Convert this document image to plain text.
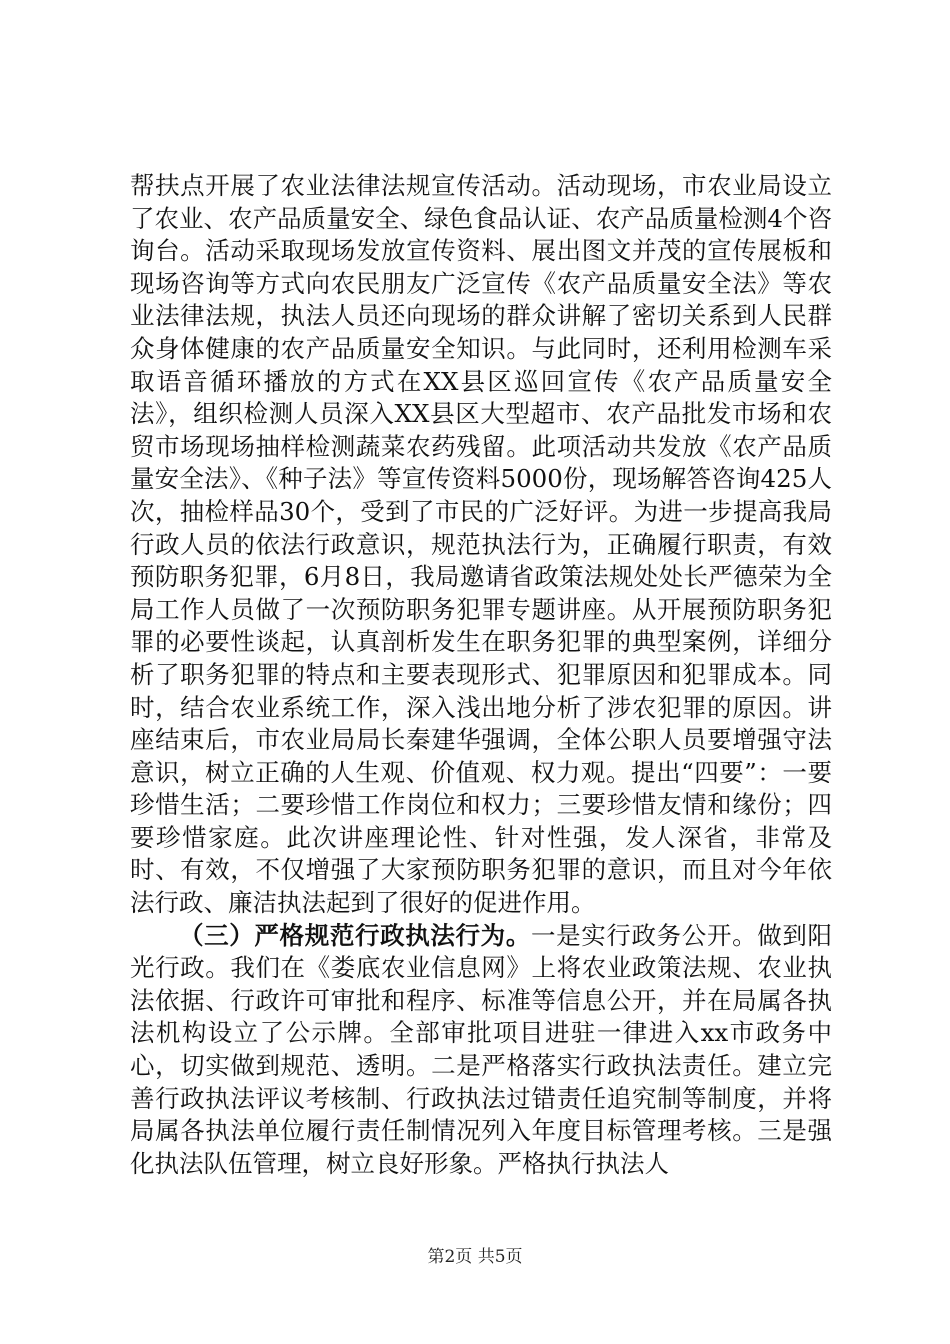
帮扶点开展了农业法律法规宣传活动。活动现场，市农业局设立了农业、农产品质量安全、绿色食品认证、农产品质量检测4个咨询台。活动采取现场发放宣传资料、展出图文并茂的宣传展板和现场咨询等方式向农民朋友广泛宣传《农产品质量安全法》等农业法律法规，执法人员还向现场的群众讲解了密切关系到人民群众身体健康的农产品质量安全知识。与此同时，还利用检测车采取语音循环播放的方式在XX县区巡回宣传《农产品质量安全法》，组织检测人员深入XX县区大型超市、农产品批发市场和农贸市场现场抽样检测蔬菜农药残留。此项活动共发放《农产品质量安全法》、《种子法》等宣传资料5000份，现场解答咨询425人次，抽检样品30个，受到了市民的广泛好评。为进一步提高我局行政人员的依法行政意识，规范执法行为，正确履行职责，有效预防职务犯罪，6月8日，我局邀请省政策法规处处长严德荣为全局工作人员做了一次预防职务犯罪专题讲座。从开展预防职务犯罪的必要性谈起，认真剖析发生在职务犯罪的典型案例，详细分析了职务犯罪的特点和主要表现形式、犯罪原因和犯罪成本。同时，结合农业系统工作，深入浅出地分析了涉农犯罪的原因。讲座结束后，市农业局局长秦建华强调，全体公职人员要增强守法意识，树立正确的人生观、价值观、权力观。提出“四要”：一要珍惜生活；二要珍惜工作岗位和权力；三要珍惜友情和缘份；四要珍惜家庭。此次讲座理论性、针对性强，发人深省，非常及时、有效，不仅增强了大家预防职务犯罪的意识，而且对今年依法行政、廉洁执法起到了很好的促进作用。

（三）严格规范行政执法行为。一是实行政务公开。做到阳光行政。我们在《娄底农业信息网》上将农业政策法规、农业执法依据、行政许可审批和程序、标准等信息公开，并在局属各执法机构设立了公示牌。全部审批项目进驻一律进入xx市政务中心，切实做到规范、透明。二是严格落实行政执法责任。建立完善行政执法评议考核制、行政执法过错责任追究制等制度，并将局属各执法单位履行责任制情况列入年度目标管理考核。三是强化执法队伍管理，树立良好形象。严格执行执法人

第2页 共5页
